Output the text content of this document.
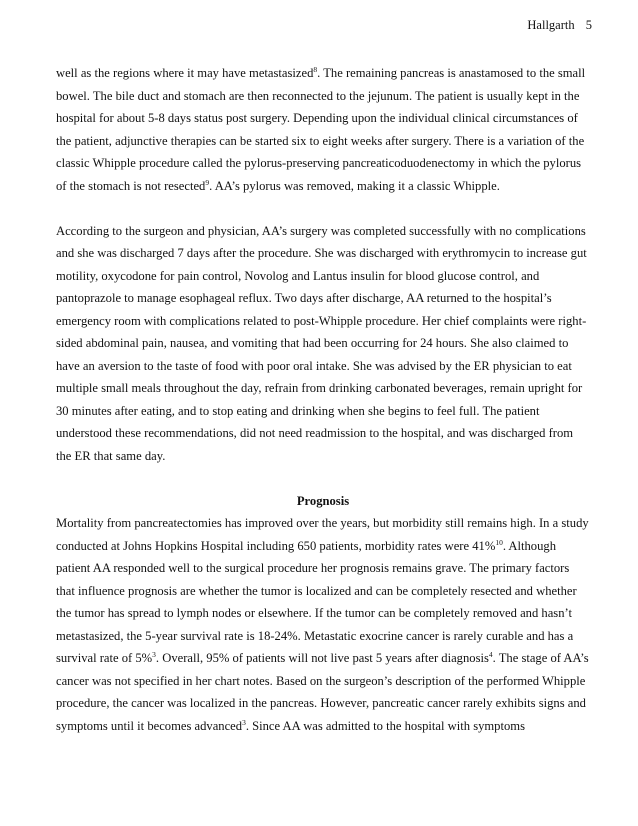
Hallgarth 5

well as the regions where it may have metastasized$^8$. The remaining pancreas is anastamosed to the small bowel. The bile duct and stomach are then reconnected to the jejunum. The patient is usually kept in the hospital for about 5-8 days status post surgery. Depending upon the individual clinical circumstances of the patient, adjunctive therapies can be started six to eight weeks after surgery. There is a variation of the classic Whipple procedure called the pylorus-preserving pancreaticoduodenectomy in which the pylorus of the stomach is not resected$^9$. AA’s pylorus was removed, making it a classic Whipple.

According to the surgeon and physician, AA’s surgery was completed successfully with no complications and she was discharged 7 days after the procedure. She was discharged with erythromycin to increase gut motility, oxycodone for pain control, Novolog and Lantus insulin for blood glucose control, and pantoprazole to manage esophageal reflux. Two days after discharge, AA returned to the hospital’s emergency room with complications related to post-Whipple procedure. Her chief complaints were right-sided abdominal pain, nausea, and vomiting that had been occurring for 24 hours. She also claimed to have an aversion to the taste of food with poor oral intake. She was advised by the ER physician to eat multiple small meals throughout the day, refrain from drinking carbonated beverages, remain upright for 30 minutes after eating, and to stop eating and drinking when she begins to feel full. The patient understood these recommendations, did not need readmission to the hospital, and was discharged from the ER that same day.

Prognosis

Mortality from pancreatectomies has improved over the years, but morbidity still remains high. In a study conducted at Johns Hopkins Hospital including 650 patients, morbidity rates were 41%$^{10}$. Although patient AA responded well to the surgical procedure her prognosis remains grave. The primary factors that influence prognosis are whether the tumor is localized and can be completely resected and whether the tumor has spread to lymph nodes or elsewhere. If the tumor can be completely removed and hasn’t metastasized, the 5-year survival rate is 18-24%. Metastatic exocrine cancer is rarely curable and has a survival rate of 5%$^3$. Overall, 95% of patients will not live past 5 years after diagnosis$^4$. The stage of AA’s cancer was not specified in her chart notes. Based on the surgeon’s description of the performed Whipple procedure, the cancer was localized in the pancreas. However, pancreatic cancer rarely exhibits signs and symptoms until it becomes advanced$^3$. Since AA was admitted to the hospital with symptoms
